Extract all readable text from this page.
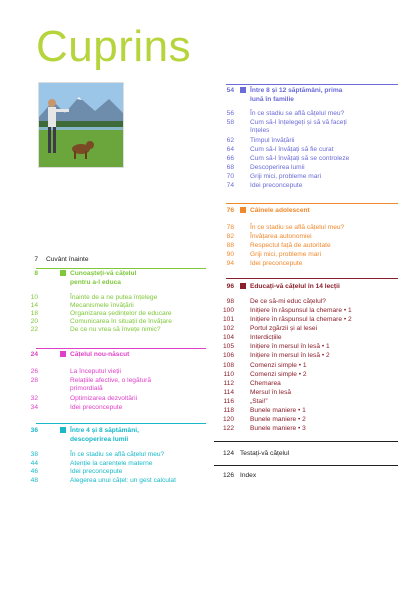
Cuprins
7 Cuvânt înainte
8	Cunoașteți-vă cățelul
pentru a-l educa
10	Înainte de a ne putea înțelege
14	Mecanismele învățării
18	Organizarea ședințelor de educare
20	Comunicarea în situații de învățare
22	De ce nu vrea să învețe nimic?
24	Cățelul nou-născut
26	La începutul vieții
28	Relațiile afective, o legătură
primordială
32	Optimizarea dezvoltării
34	Idei preconcepute
36	Între 4 și 8 săptămâni,
descoperirea lumii
38	În ce stadiu se află cățelul meu?
44	Atenție la carențele materne
46	Idei preconcepute
48	Alegerea unui cățel: un gest calculat
54 Între 8 și 12 săptămâni, prima
lună în familie
56 În ce stadiu se află cățelul meu?
58 Cum să-l înțelegeți și să vă faceți
înțeles
62 Timpul învățării
64 Cum să-l învățați să fie curat
66 Cum să-l învățați să se controleze
68 Descoperirea lumii
70 Griji mici, probleme mari
74 Idei preconcepute
76 Câinele adolescent
78 În ce stadiu se află cățelul meu?
82 Învățarea autonomiei
88 Respectul față de autoritate
90 Griji mici, probleme mari
94 Idei preconcepute
96 Educați-vă cățelul în 14 lecții
98 De ce să-mi educ cățelul?
100 Inițiere în răspunsul la chemare • 1
101 Inițiere în răspunsul la chemare • 2
102 Portul zgărzii și al lesei
104 Interdicțiile
105 Inițiere în mersul în lesă • 1
106 Inițiere în mersul în lesă • 2
108 Comenzi simple • 1
110 Comenzi simple • 2
112 Chemarea
114 Mersul în lesă
116 „Stai!”
118 Bunele maniere • 1
120 Bunele maniere • 2
122 Bunele maniere • 3
124 Testați-vă cățelul
126 Index
